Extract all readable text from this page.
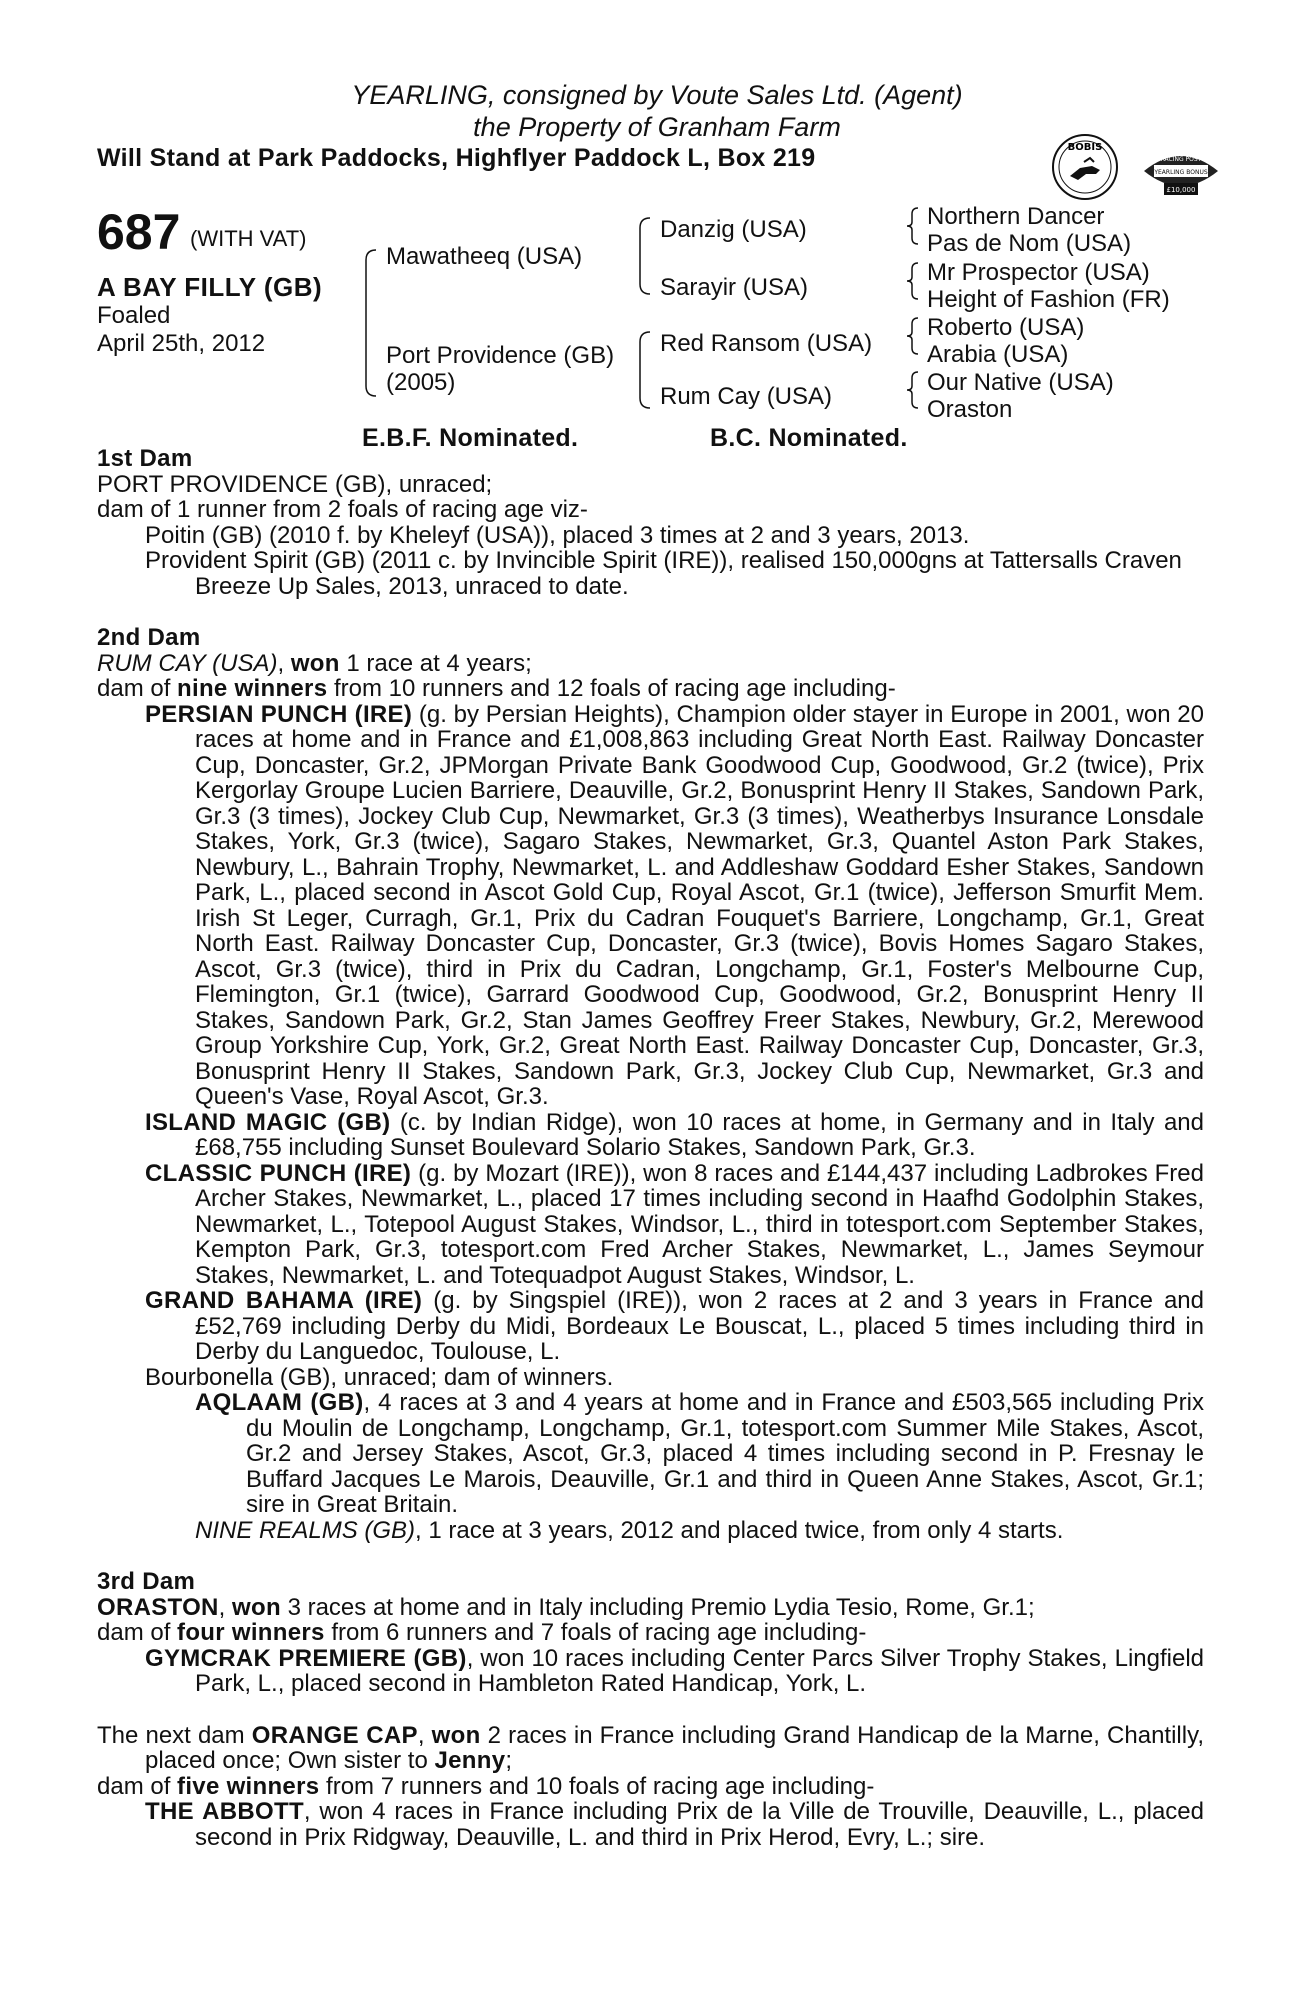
YEARLING, consigned by Voute Sales Ltd. (Agent)
the Property of Granham Farm
Will Stand at Park Paddocks, Highflyer Paddock L, Box 219	BOBIS
RACING POST
YEARLING BONUS
£10,000
687 (WITH VAT)
A BAY FILLY (GB)
Foaled
April 25th, 2012
Mawatheeq (USA)
Port Providence (GB)
(2005)
Danzig (USA)
Sarayir (USA)
Red Ransom (USA)
Rum Cay (USA)
Northern Dancer
Pas de Nom (USA)
Mr Prospector (USA)
Height of Fashion (FR)
Roberto (USA)
Arabia (USA)
Our Native (USA)
Oraston
E.B.F. Nominated.	B.C. Nominated.

1st Dam

PORT PROVIDENCE (GB), unraced;

dam of 1 runner from 2 foals of racing age viz-

Poitin (GB) (2010 f. by Kheleyf (USA)), placed 3 times at 2 and 3 years, 2013.

Provident Spirit (GB) (2011 c. by Invincible Spirit (IRE)), realised 150,000gns at Tattersalls Craven Breeze Up Sales, 2013, unraced to date.

2nd Dam

RUM CAY (USA), won 1 race at 4 years;

dam of nine winners from 10 runners and 12 foals of racing age including-

PERSIAN PUNCH (IRE) (g. by Persian Heights), Champion older stayer in Europe in 2001, won 20 races at home and in France and £1,008,863 including Great North East. Railway Doncaster Cup, Doncaster, Gr.2, JPMorgan Private Bank Goodwood Cup, Goodwood, Gr.2 (twice), Prix Kergorlay Groupe Lucien Barriere, Deauville, Gr.2, Bonusprint Henry II Stakes, Sandown Park, Gr.3 (3 times), Jockey Club Cup, Newmarket, Gr.3 (3 times), Weatherbys Insurance Lonsdale Stakes, York, Gr.3 (twice), Sagaro Stakes, Newmarket, Gr.3, Quantel Aston Park Stakes, Newbury, L., Bahrain Trophy, Newmarket, L. and Addleshaw Goddard Esher Stakes, Sandown Park, L., placed second in Ascot Gold Cup, Royal Ascot, Gr.1 (twice), Jefferson Smurfit Mem. Irish St Leger, Curragh, Gr.1, Prix du Cadran Fouquet's Barriere, Longchamp, Gr.1, Great North East. Railway Doncaster Cup, Doncaster, Gr.3 (twice), Bovis Homes Sagaro Stakes, Ascot, Gr.3 (twice), third in Prix du Cadran, Longchamp, Gr.1, Foster's Melbourne Cup, Flemington, Gr.1 (twice), Garrard Goodwood Cup, Goodwood, Gr.2, Bonusprint Henry II Stakes, Sandown Park, Gr.2, Stan James Geoffrey Freer Stakes, Newbury, Gr.2, Merewood Group Yorkshire Cup, York, Gr.2, Great North East. Railway Doncaster Cup, Doncaster, Gr.3, Bonusprint Henry II Stakes, Sandown Park, Gr.3, Jockey Club Cup, Newmarket, Gr.3 and Queen's Vase, Royal Ascot, Gr.3.

ISLAND MAGIC (GB) (c. by Indian Ridge), won 10 races at home, in Germany and in Italy and £68,755 including Sunset Boulevard Solario Stakes, Sandown Park, Gr.3.

CLASSIC PUNCH (IRE) (g. by Mozart (IRE)), won 8 races and £144,437 including Ladbrokes Fred Archer Stakes, Newmarket, L., placed 17 times including second in Haafhd Godolphin Stakes, Newmarket, L., Totepool August Stakes, Windsor, L., third in totesport.com September Stakes, Kempton Park, Gr.3, totesport.com Fred Archer Stakes, Newmarket, L., James Seymour Stakes, Newmarket, L. and Totequadpot August Stakes, Windsor, L.

GRAND BAHAMA (IRE) (g. by Singspiel (IRE)), won 2 races at 2 and 3 years in France and £52,769 including Derby du Midi, Bordeaux Le Bouscat, L., placed 5 times including third in Derby du Languedoc, Toulouse, L.

Bourbonella (GB), unraced; dam of winners.

AQLAAM (GB), 4 races at 3 and 4 years at home and in France and £503,565 including Prix du Moulin de Longchamp, Longchamp, Gr.1, totesport.com Summer Mile Stakes, Ascot, Gr.2 and Jersey Stakes, Ascot, Gr.3, placed 4 times including second in P. Fresnay le Buffard Jacques Le Marois, Deauville, Gr.1 and third in Queen Anne Stakes, Ascot, Gr.1; sire in Great Britain.

NINE REALMS (GB), 1 race at 3 years, 2012 and placed twice, from only 4 starts.

3rd Dam

ORASTON, won 3 races at home and in Italy including Premio Lydia Tesio, Rome, Gr.1;

dam of four winners from 6 runners and 7 foals of racing age including-

GYMCRAK PREMIERE (GB), won 10 races including Center Parcs Silver Trophy Stakes, Lingfield Park, L., placed second in Hambleton Rated Handicap, York, L.

The next dam ORANGE CAP, won 2 races in France including Grand Handicap de la Marne, Chantilly, placed once; Own sister to Jenny;

dam of five winners from 7 runners and 10 foals of racing age including-

THE ABBOTT, won 4 races in France including Prix de la Ville de Trouville, Deauville, L., placed second in Prix Ridgway, Deauville, L. and third in Prix Herod, Evry, L.; sire.
